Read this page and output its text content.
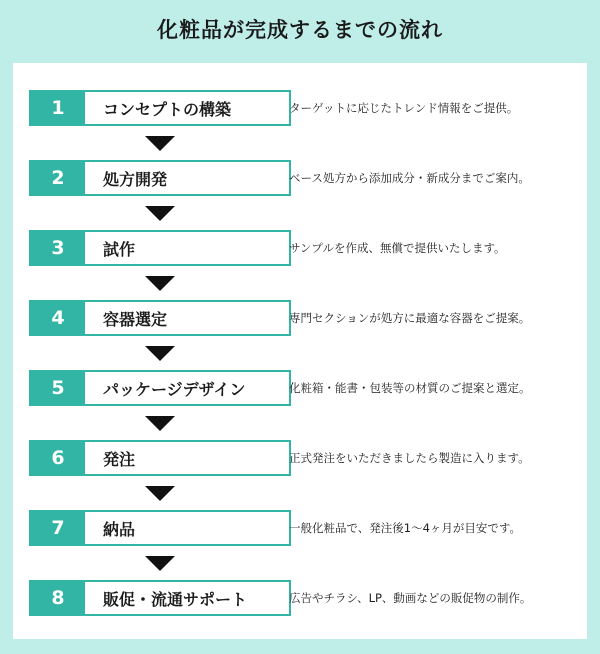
化粧品が完成するまでの流れ
1	コンセプトの構築	ターゲットに応じたトレンド情報をご提供。
2	処方開発	ベース処方から添加成分・新成分までご案内。
3	試作	サンプルを作成、無償で提供いたします。
4	容器選定	専門セクションが処方に最適な容器をご提案。
5	パッケージデザイン	化粧箱・能書・包装等の材質のご提案と選定。
6	発注	正式発注をいただきましたら製造に入ります。
7	納品	一般化粧品で、発注後1～4ヶ月が目安です。
8	販促・流通サポート	広告やチラシ、LP、動画などの販促物の制作。
